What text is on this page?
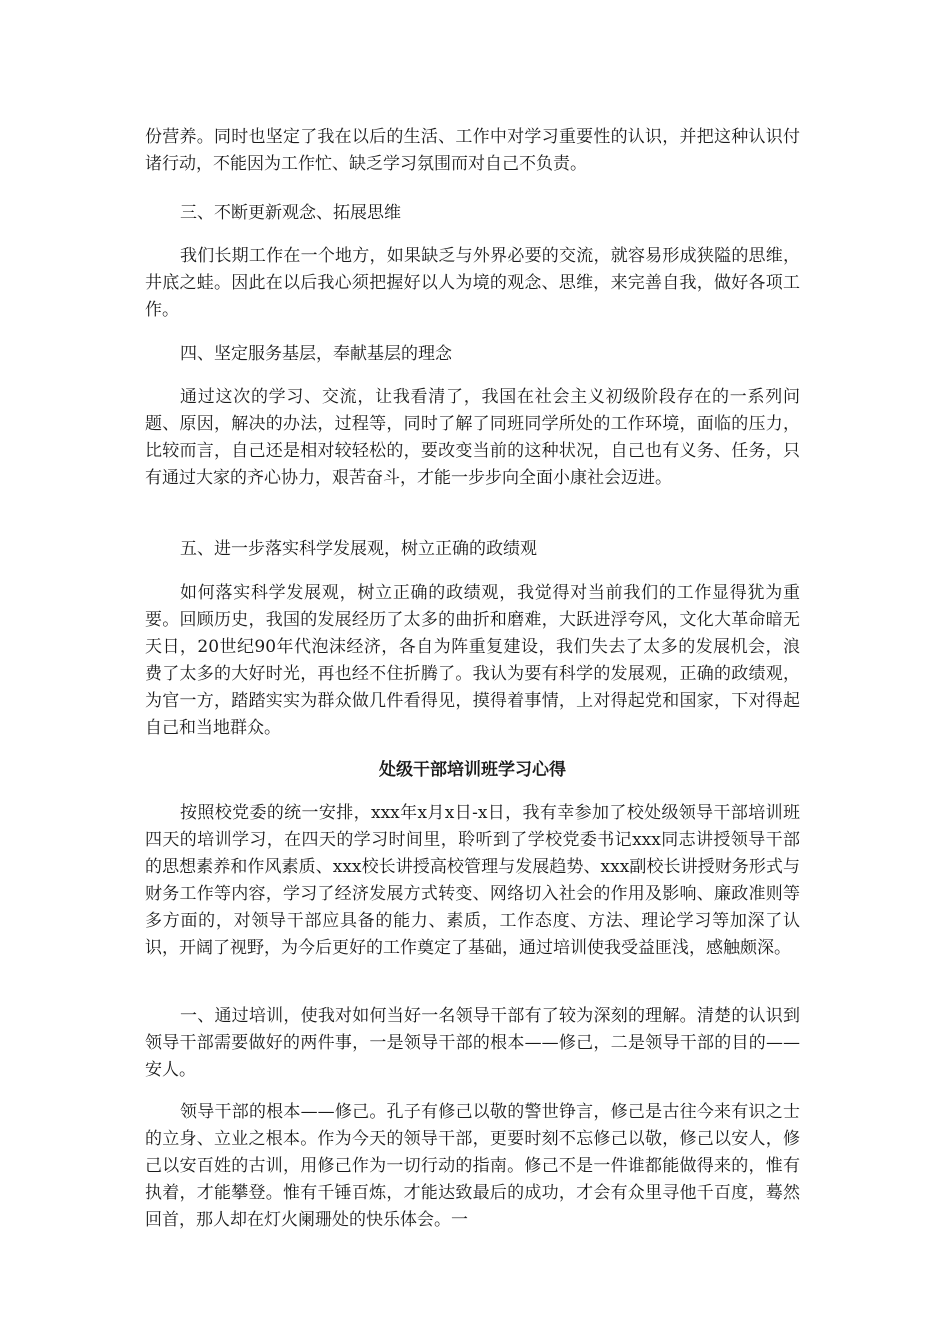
份营养。同时也坚定了我在以后的生活、工作中对学习重要性的认识，并把这种认识付诸行动，不能因为工作忙、缺乏学习氛围而对自己不负责。

三、不断更新观念、拓展思维

我们长期工作在一个地方，如果缺乏与外界必要的交流，就容易形成狭隘的思维，井底之蛙。因此在以后我心须把握好以人为境的观念、思维，来完善自我，做好各项工作。

四、坚定服务基层，奉献基层的理念

通过这次的学习、交流，让我看清了，我国在社会主义初级阶段存在的一系列问题、原因，解决的办法，过程等，同时了解了同班同学所处的工作环境，面临的压力，比较而言，自己还是相对较轻松的，要改变当前的这种状况，自己也有义务、任务，只有通过大家的齐心协力，艰苦奋斗，才能一步步向全面小康社会迈进。

五、进一步落实科学发展观，树立正确的政绩观

如何落实科学发展观，树立正确的政绩观，我觉得对当前我们的工作显得犹为重要。回顾历史，我国的发展经历了太多的曲折和磨难，大跃进浮夸风，文化大革命暗无天日，20世纪90年代泡沫经济，各自为阵重复建设，我们失去了太多的发展机会，浪费了太多的大好时光，再也经不住折腾了。我认为要有科学的发展观，正确的政绩观，为官一方，踏踏实实为群众做几件看得见，摸得着事情，上对得起党和国家，下对得起自己和当地群众。

处级干部培训班学习心得

按照校党委的统一安排，xxx年x月x日-x日，我有幸参加了校处级领导干部培训班四天的培训学习，在四天的学习时间里，聆听到了学校党委书记xxx同志讲授领导干部的思想素养和作风素质、xxx校长讲授高校管理与发展趋势、xxx副校长讲授财务形式与财务工作等内容，学习了经济发展方式转变、网络切入社会的作用及影响、廉政准则等多方面的，对领导干部应具备的能力、素质，工作态度、方法、理论学习等加深了认识，开阔了视野，为今后更好的工作奠定了基础，通过培训使我受益匪浅，感触颇深。

一、通过培训，使我对如何当好一名领导干部有了较为深刻的理解。清楚的认识到领导干部需要做好的两件事，一是领导干部的根本——修己，二是领导干部的目的——安人。

领导干部的根本——修己。孔子有修己以敬的警世铮言，修己是古往今来有识之士的立身、立业之根本。作为今天的领导干部，更要时刻不忘修己以敬，修己以安人，修己以安百姓的古训，用修己作为一切行动的指南。修己不是一件谁都能做得来的，惟有执着，才能攀登。惟有千锤百炼，才能达致最后的成功，才会有众里寻他千百度，蓦然回首，那人却在灯火阑珊处的快乐体会。一
